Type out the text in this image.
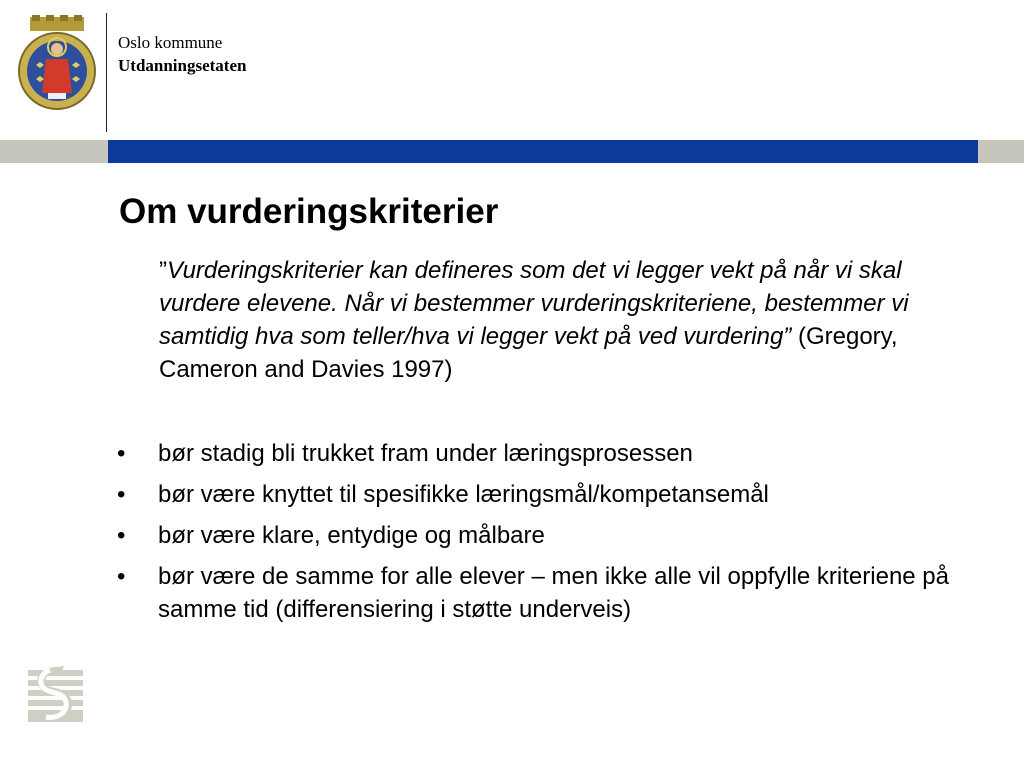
Oslo kommune
Utdanningsetaten
Om vurderingskriterier

”Vurderingskriterier kan defineres som det vi legger vekt på når vi skal vurdere elevene. Når vi bestemmer vurderingskriteriene, bestemmer vi samtidig hva som teller/hva vi legger vekt på ved vurdering” (Gregory, Cameron and Davies 1997)

• bør stadig bli trukket fram under læringsprosessen
• bør være knyttet til spesifikke læringsmål/kompetansemål
• bør være klare, entydige og målbare
• bør være de samme for alle elever – men ikke alle vil oppfylle kriteriene på samme tid (differensiering i støtte underveis)
